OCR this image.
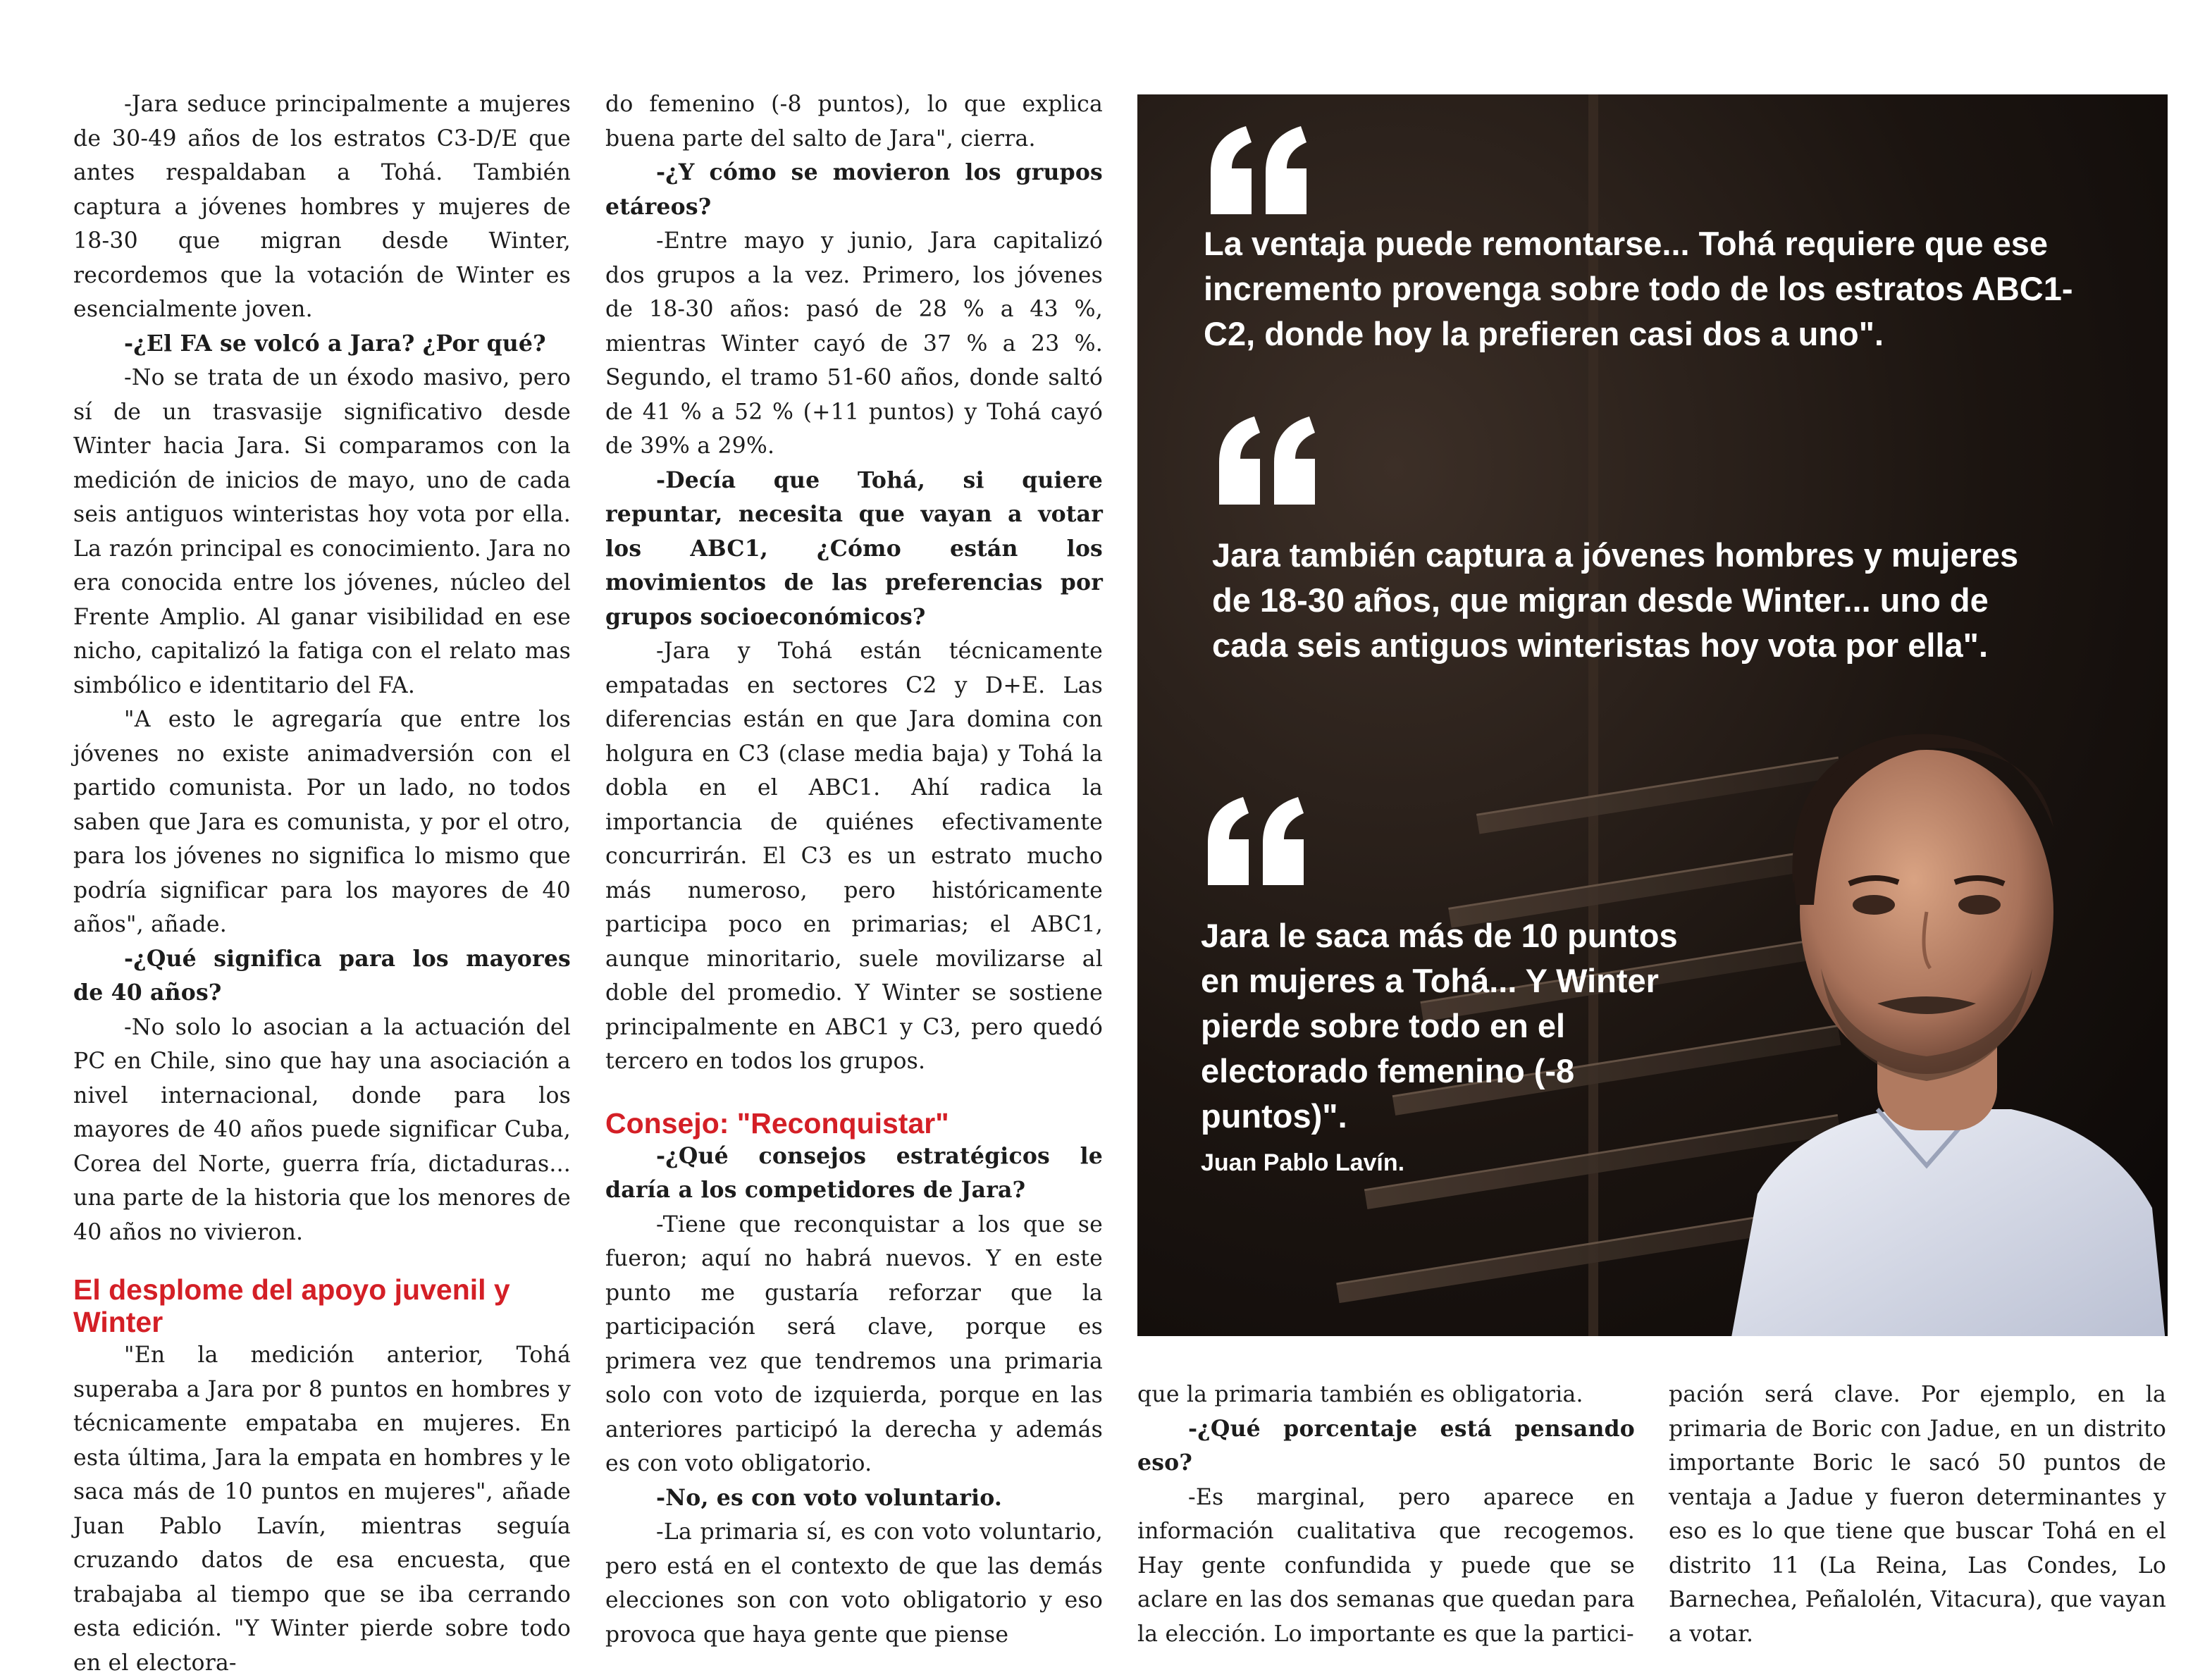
-Jara seduce principalmente a mujeres de 30-49 años de los estratos C3-D/E que antes respaldaban a Tohá. También captura a jóvenes hombres y mujeres de 18-30 que migran desde Winter, recordemos que la votación de Winter es esencialmente joven.

-¿El FA se volcó a Jara? ¿Por qué?

-No se trata de un éxodo masivo, pero sí de un trasvasije significativo desde Winter hacia Jara. Si comparamos con la medición de inicios de mayo, uno de cada seis antiguos winteristas hoy vota por ella. La razón principal es conocimiento. Jara no era conocida entre los jóvenes, núcleo del Frente Amplio. Al ganar visibilidad en ese nicho, capitalizó la fatiga con el relato mas simbólico e identitario del FA.

"A esto le agregaría que entre los jóvenes no existe animadversión con el partido comunista. Por un lado, no todos saben que Jara es comunista, y por el otro, para los jóvenes no significa lo mismo que podría significar para los mayores de 40 años", añade.

-¿Qué significa para los mayores de 40 años?

-No solo lo asocian a la actuación del PC en Chile, sino que hay una asociación a nivel internacional, donde para los mayores de 40 años puede significar Cuba, Corea del Norte, guerra fría, dictaduras... una parte de la historia que los menores de 40 años no vivieron.

El desplome del apoyo juvenil y Winter

"En la medición anterior, Tohá superaba a Jara por 8 puntos en hombres y técnicamente empataba en mujeres. En esta última, Jara la empata en hombres y le saca más de 10 puntos en mujeres", añade Juan Pablo Lavín, mientras seguía cruzando datos de esa encuesta, que trabajaba al tiempo que se iba cerrando esta edición. "Y Winter pierde sobre todo en el electora-

do femenino (-8 puntos), lo que explica buena parte del salto de Jara", cierra.

-¿Y cómo se movieron los grupos etáreos?

-Entre mayo y junio, Jara capitalizó dos grupos a la vez. Primero, los jóvenes de 18-30 años: pasó de 28 % a 43 %, mientras Winter cayó de 37 % a 23 %. Segundo, el tramo 51-60 años, donde saltó de 41 % a 52 % (+11 puntos) y Tohá cayó de 39% a 29%.

-Decía que Tohá, si quiere repuntar, necesita que vayan a votar los ABC1, ¿Cómo están los movimientos de las preferencias por grupos socioeconómicos?

-Jara y Tohá están técnicamente empatadas en sectores C2 y D+E. Las diferencias están en que Jara domina con holgura en C3 (clase media baja) y Tohá la dobla en el ABC1. Ahí radica la importancia de quiénes efectivamente concurrirán. El C3 es un estrato mucho más numeroso, pero históricamente participa poco en primarias; el ABC1, aunque minoritario, suele movilizarse al doble del promedio. Y Winter se sostiene principalmente en ABC1 y C3, pero quedó tercero en todos los grupos.

Consejo: "Reconquistar"

-¿Qué consejos estratégicos le daría a los competidores de Jara?

-Tiene que reconquistar a los que se fueron; aquí no habrá nuevos. Y en este punto me gustaría reforzar que la participación será clave, porque es primera vez que tendremos una primaria solo con voto de izquierda, porque en las anteriores participó la derecha y además es con voto obligatorio.

-No, es con voto voluntario.

-La primaria sí, es con voto voluntario, pero está en el contexto de que las demás elecciones son con voto obligatorio y eso provoca que haya gente que piense

La ventaja puede remontarse... Tohá requiere que ese incremento provenga sobre todo de los estratos ABC1-C2, donde hoy la prefieren casi dos a uno".

Jara también captura a jóvenes hombres y mujeres de 18-30 años, que migran desde Winter... uno de cada seis antiguos winteristas hoy vota por ella".

Jara le saca más de 10 puntos en mujeres a Tohá... Y Winter pierde sobre todo en el electorado femenino (-8 puntos)".

Juan Pablo Lavín.

que la primaria también es obligatoria.

-¿Qué porcentaje está pensando eso?

-Es marginal, pero aparece en información cualitativa que recogemos. Hay gente confundida y puede que se aclare en las dos semanas que quedan para la elección. Lo importante es que la partici-

pación será clave. Por ejemplo, en la primaria de Boric con Jadue, en un distrito importante Boric le sacó 50 puntos de ventaja a Jadue y fueron determinantes y eso es lo que tiene que buscar Tohá en el distrito 11 (La Reina, Las Condes, Lo Barnechea, Peñalolén, Vitacura), que vayan a votar.
